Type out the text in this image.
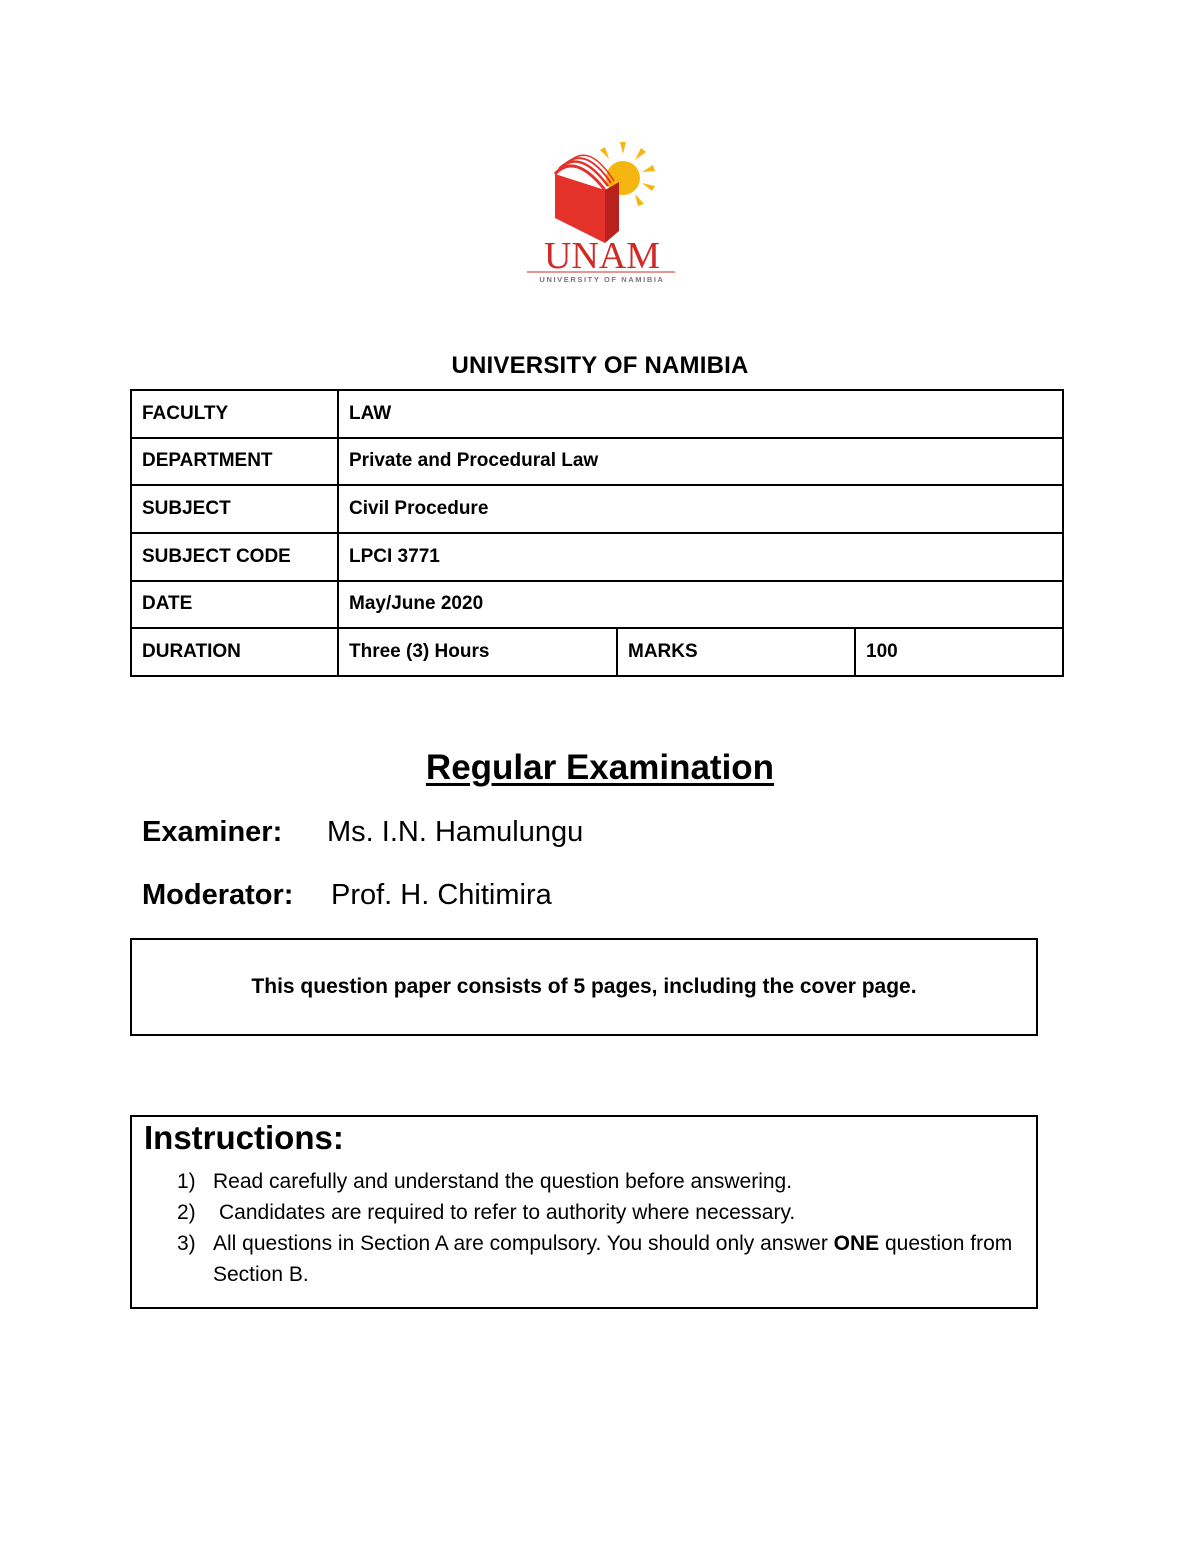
UNAM
UNIVERSITY OF NAMIBIA
UNIVERSITY OF NAMIBIA
FACULTY	LAW		
DEPARTMENT	Private and Procedural Law		
SUBJECT	Civil Procedure		
SUBJECT CODE	LPCI 3771		
DATE	May/June 2020		
DURATION	Three (3) Hours	MARKS	100
Regular Examination
Examiner: Ms. I.N. Hamulungu
Moderator: Prof. H. Chitimira
This question paper consists of 5 pages, including the cover page.
Instructions:
1) Read carefully and understand the question before answering.
2)	Candidates are required to refer to authority where necessary.
3) All questions in Section A are compulsory. You should only answer ONE question from Section B.
